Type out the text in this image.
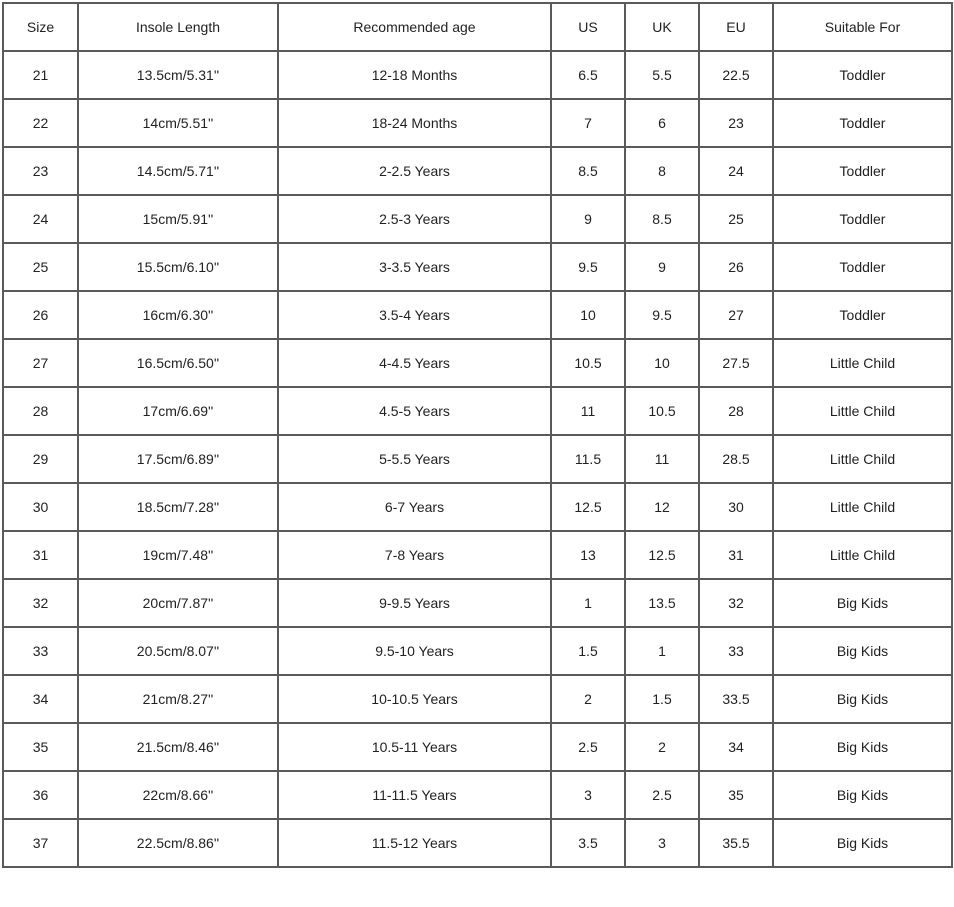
Size	Insole Length	Recommended age	US	UK	EU	Suitable For
21	13.5cm/5.31''	12-18 Months	6.5	5.5	22.5	Toddler
22	14cm/5.51''	18-24 Months	7	6	23	Toddler
23	14.5cm/5.71''	2-2.5 Years	8.5	8	24	Toddler
24	15cm/5.91''	2.5-3 Years	9	8.5	25	Toddler
25	15.5cm/6.10''	3-3.5 Years	9.5	9	26	Toddler
26	16cm/6.30''	3.5-4 Years	10	9.5	27	Toddler
27	16.5cm/6.50''	4-4.5 Years	10.5	10	27.5	Little Child
28	17cm/6.69''	4.5-5 Years	11	10.5	28	Little Child
29	17.5cm/6.89''	5-5.5 Years	11.5	11	28.5	Little Child
30	18.5cm/7.28''	6-7 Years	12.5	12	30	Little Child
31	19cm/7.48''	7-8 Years	13	12.5	31	Little Child
32	20cm/7.87''	9-9.5 Years	1	13.5	32	Big Kids
33	20.5cm/8.07''	9.5-10 Years	1.5	1	33	Big Kids
34	21cm/8.27''	10-10.5 Years	2	1.5	33.5	Big Kids
35	21.5cm/8.46''	10.5-11 Years	2.5	2	34	Big Kids
36	22cm/8.66''	11-11.5 Years	3	2.5	35	Big Kids
37	22.5cm/8.86''	11.5-12 Years	3.5	3	35.5	Big Kids
